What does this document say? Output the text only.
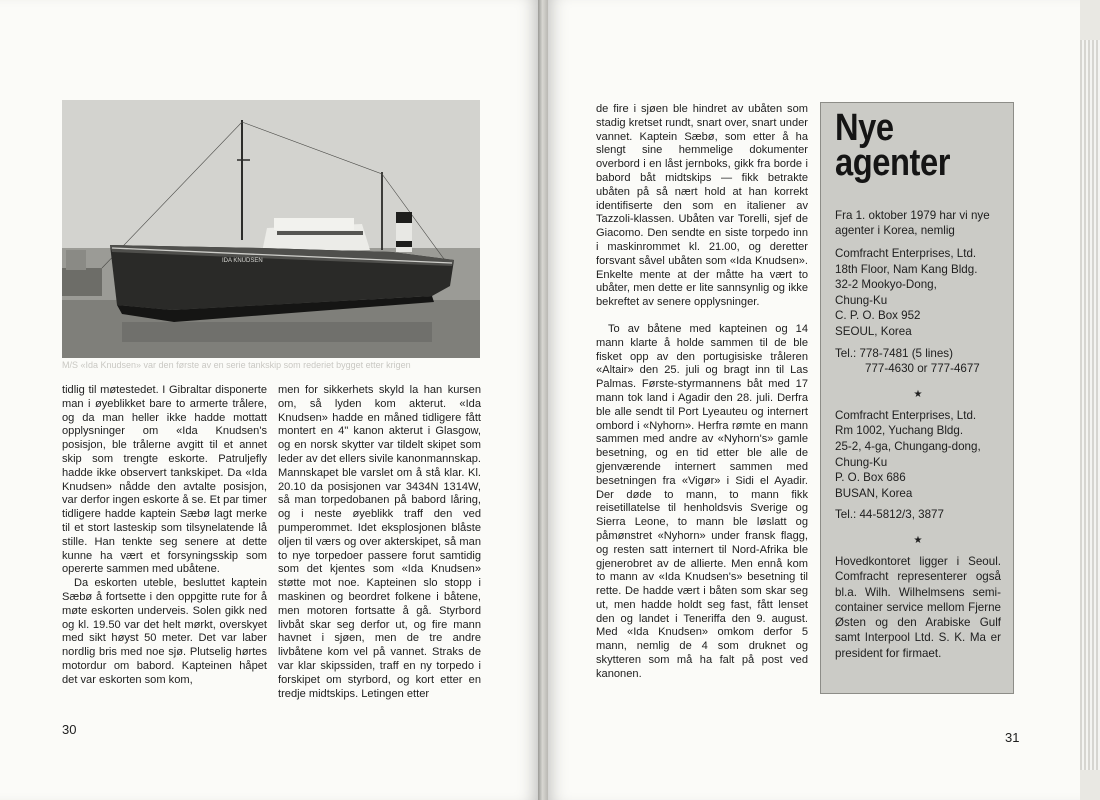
IDA KNUDSEN
M/S «Ida Knudsen» var den første av en serie tankskip som rederiet bygget etter krigen

tidlig til møtestedet. I Gibraltar disponerte man i øyeblikket bare to armerte trålere, og da man heller ikke hadde mottatt opplysninger om «Ida Knudsen's posisjon, ble trålerne avgitt til et annet skip som trengte eskorte. Patruljefly hadde ikke observert tankskipet. Da «Ida Knudsen» nådde den avtalte posisjon, var derfor ingen eskorte å se. Et par timer tidligere hadde kaptein Sæbø lagt merke til et stort lasteskip som tilsynelatende lå stille. Han tenkte seg senere at dette kunne ha vært et forsyningsskip som opererte sammen med ubåtene.

Da eskorten uteble, besluttet kaptein Sæbø å fortsette i den oppgitte rute for å møte eskorten underveis. Solen gikk ned og kl. 19.50 var det helt mørkt, overskyet med sikt høyst 50 meter. Det var laber nordlig bris med noe sjø. Plutselig hørtes motordur om babord. Kapteinen håpet det var eskorten som kom,

men for sikkerhets skyld la han kursen om, så lyden kom akterut. «Ida Knudsen» hadde en måned tidligere fått montert en 4" kanon akterut i Glasgow, og en norsk skytter var tildelt skipet som leder av det ellers sivile kanonmannskap. Mannskapet ble varslet om å stå klar. Kl. 20.10 da posisjonen var 3434N 1314W, så man torpedobanen på babord låring, og i neste øyeblikk traff den ved pumperommet. Idet eksplosjonen blåste oljen til værs og over akterskipet, så man to nye torpedoer passere forut samtidig som det kjentes som «Ida Knudsen» støtte mot noe. Kapteinen slo stopp i maskinen og beordret folkene i båtene, men motoren fortsatte å gå. Styrbord livbåt skar seg derfor ut, og fire mann havnet i sjøen, men de tre andre livbåtene kom vel på vannet. Straks de var klar skipssiden, traff en ny torpedo i forskipet om styrbord, og kort etter en tredje midtskips. Letingen etter

30

de fire i sjøen ble hindret av ubåten som stadig kretset rundt, snart over, snart under vannet. Kaptein Sæbø, som etter å ha slengt sine hemmelige dokumenter overbord i en låst jernboks, gikk fra borde i babord båt midtskips — fikk betrakte ubåten på så nært hold at han korrekt identifiserte den som en italiener av Tazzoli-klassen. Ubåten var Torelli, sjef de Giacomo. Den sendte en siste torpedo inn i maskinrommet kl. 21.00, og deretter forsvant såvel ubåten som «Ida Knudsen». Enkelte mente at der måtte ha vært to ubåter, men dette er lite sannsynlig og ikke bekreftet av senere opplysninger.

To av båtene med kapteinen og 14 mann klarte å holde sammen til de ble fisket opp av den portugisiske tråleren «Altair» den 25. juli og bragt inn til Las Palmas. Første-styrmannens båt med 17 mann tok land i Agadir den 28. juli. Derfra ble alle sendt til Port Lyeauteu og internert ombord i «Nyhorn». Herfra rømte en mann sammen med andre av «Nyhorn's» gamle besetning, og en tid etter ble alle de gjenværende internert sammen med besetningen fra «Vigør» i Sidi el Ayadir. Der døde to mann, to mann fikk reisetillatelse til henholdsvis Sverige og Sierra Leone, to mann ble løslatt og påmønstret «Nyhorn» under fransk flagg, og resten satt internert til Nord-Afrika ble gjenerobret av de allierte. Men ennå kom to mann av «Ida Knudsen's» besetning til rette. De hadde vært i båten som skar seg ut, men hadde holdt seg fast, fått lenset den og landet i Teneriffa den 9. august. Med «Ida Knudsen» omkom derfor 5 mann, nemlig de 4 som druknet og skytteren som må ha falt på post ved kanonen.

Nye
agenter
Fra 1. oktober 1979 har vi nye agenter i Korea, nemlig
Comfracht Enterprises, Ltd.
18th Floor, Nam Kang Bldg.
32-2 Mookyo-Dong,
Chung-Ku
C. P. O. Box 952
SEOUL, Korea
Tel.: 778-7481 (5 lines)
777-4630 or 777-4677
★
Comfracht Enterprises, Ltd.
Rm 1002, Yuchang Bldg.
25-2, 4-ga, Chungang-dong,
Chung-Ku
P. O. Box 686
BUSAN, Korea
Tel.: 44-5812/3, 3877
★
Hovedkontoret ligger i Seoul. Comfracht representerer også bl.a. Wilh. Wilhelmsens semi-container service mellom Fjerne Østen og den Arabiske Gulf samt Interpool Ltd. S. K. Ma er president for firmaet.
31
